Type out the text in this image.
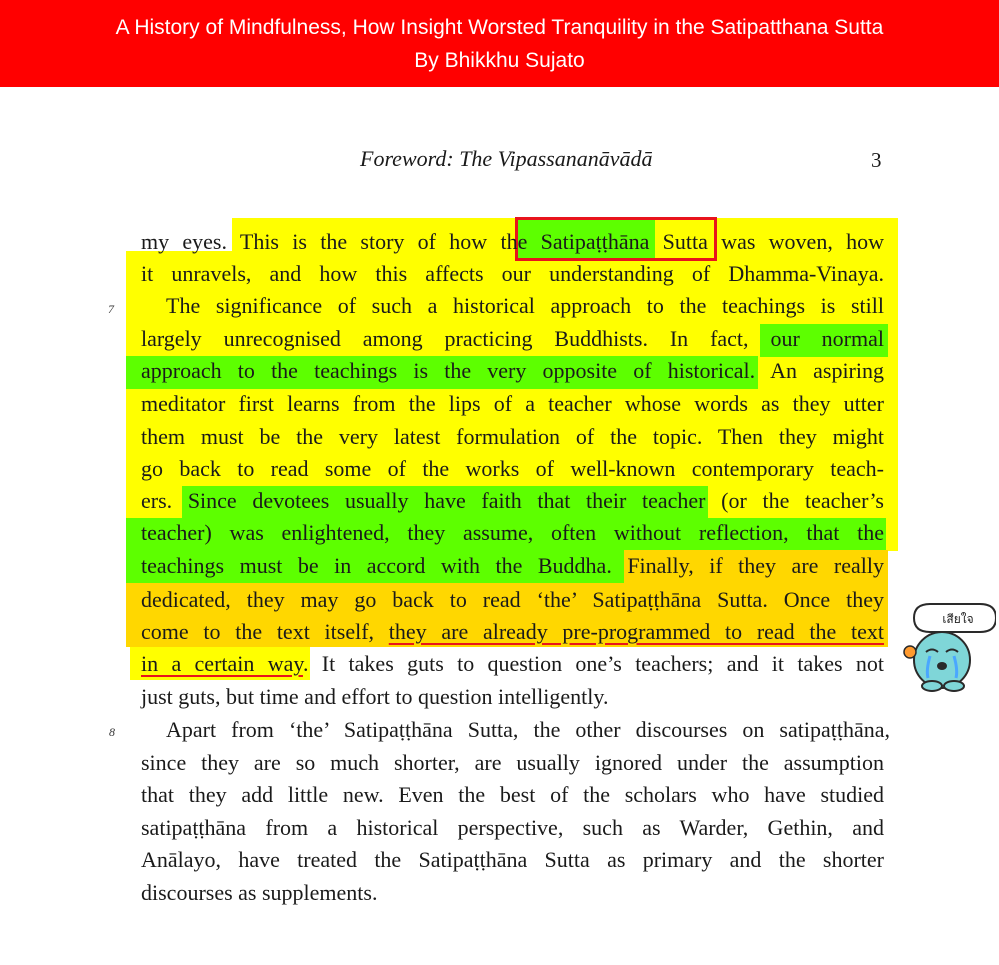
A History of Mindfulness, How Insight Worsted Tranquility in the Satipatthana Sutta
By Bhikkhu Sujato
Foreword: The Vipassananāvādā	3
7
8
my eyes. This is the story of how the Satipaṭṭhāna Sutta was woven, how
it unravels, and how this affects our understanding of Dhamma-Vinaya.
The significance of such a historical approach to the teachings is still
largely unrecognised among practicing Buddhists. In fact, our normal
approach to the teachings is the very opposite of historical. An aspiring
meditator first learns from the lips of a teacher whose words as they utter
them must be the very latest formulation of the topic. Then they might
go back to read some of the works of well-known contemporary teach-
ers. Since devotees usually have faith that their teacher (or the teacher’s
teacher) was enlightened, they assume, often without reflection, that the
teachings must be in accord with the Buddha. Finally, if they are really
dedicated, they may go back to read ‘the’ Satipaṭṭhāna Sutta. Once they
come to the text itself, they are already pre-programmed to read the text
in a certain way. It takes guts to question one’s teachers; and it takes not
just guts, but time and effort to question intelligently.
Apart from ‘the’ Satipaṭṭhāna Sutta, the other discourses on satipaṭṭhāna,
since they are so much shorter, are usually ignored under the assumption
that they add little new. Even the best of the scholars who have studied
satipaṭṭhāna from a historical perspective, such as Warder, Gethin, and
Anālayo, have treated the Satipaṭṭhāna Sutta as primary and the shorter
discourses as supplements.
เสียใจ
